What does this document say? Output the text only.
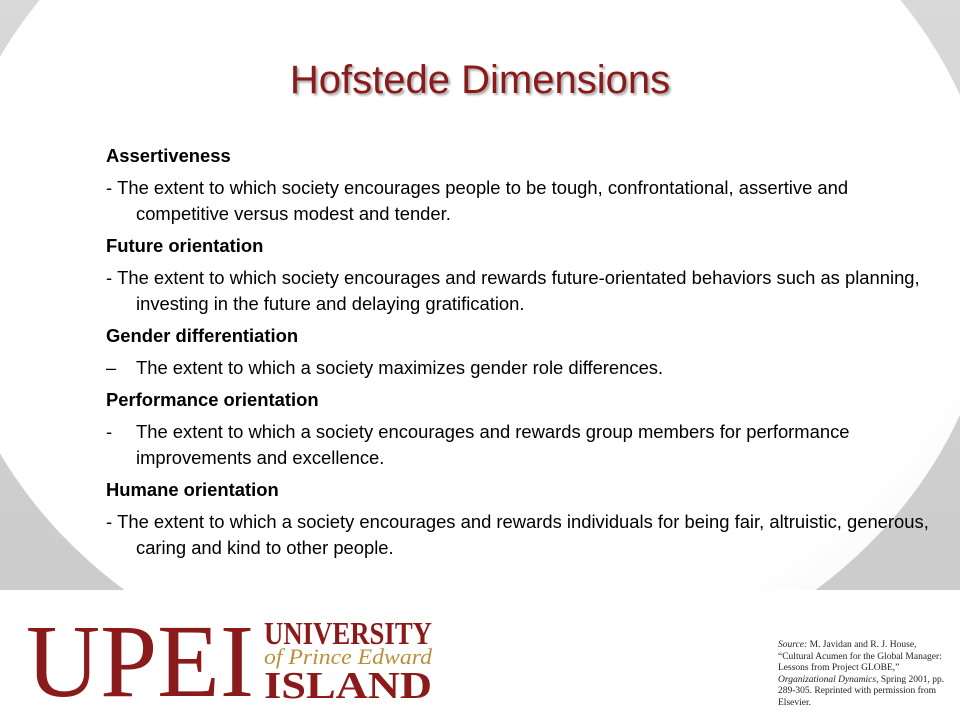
Hofstede Dimensions

Assertiveness

- The extent to which society encourages people to be tough, confrontational, assertive and competitive versus modest and tender.

Future orientation

- The extent to which society encourages and rewards future-orientated behaviors such as planning, investing in the future and delaying gratification.

Gender differentiation

– The extent to which a society maximizes gender role differences.

Performance orientation

- The extent to which a society encourages and rewards group members for performance improvements and excellence.

Humane orientation

- The extent to which a society encourages and rewards individuals for being fair, altruistic, generous, caring and kind to other people.

UPEI UNIVERSITY
of Prince Edward
ISLAND
Source: M. Javidan and R. J. House, “Cultural Acumen for the Global Manager: Lessons from Project GLOBE,” Organizational Dynamics, Spring 2001, pp. 289-305. Reprinted with permission from Elsevier.
